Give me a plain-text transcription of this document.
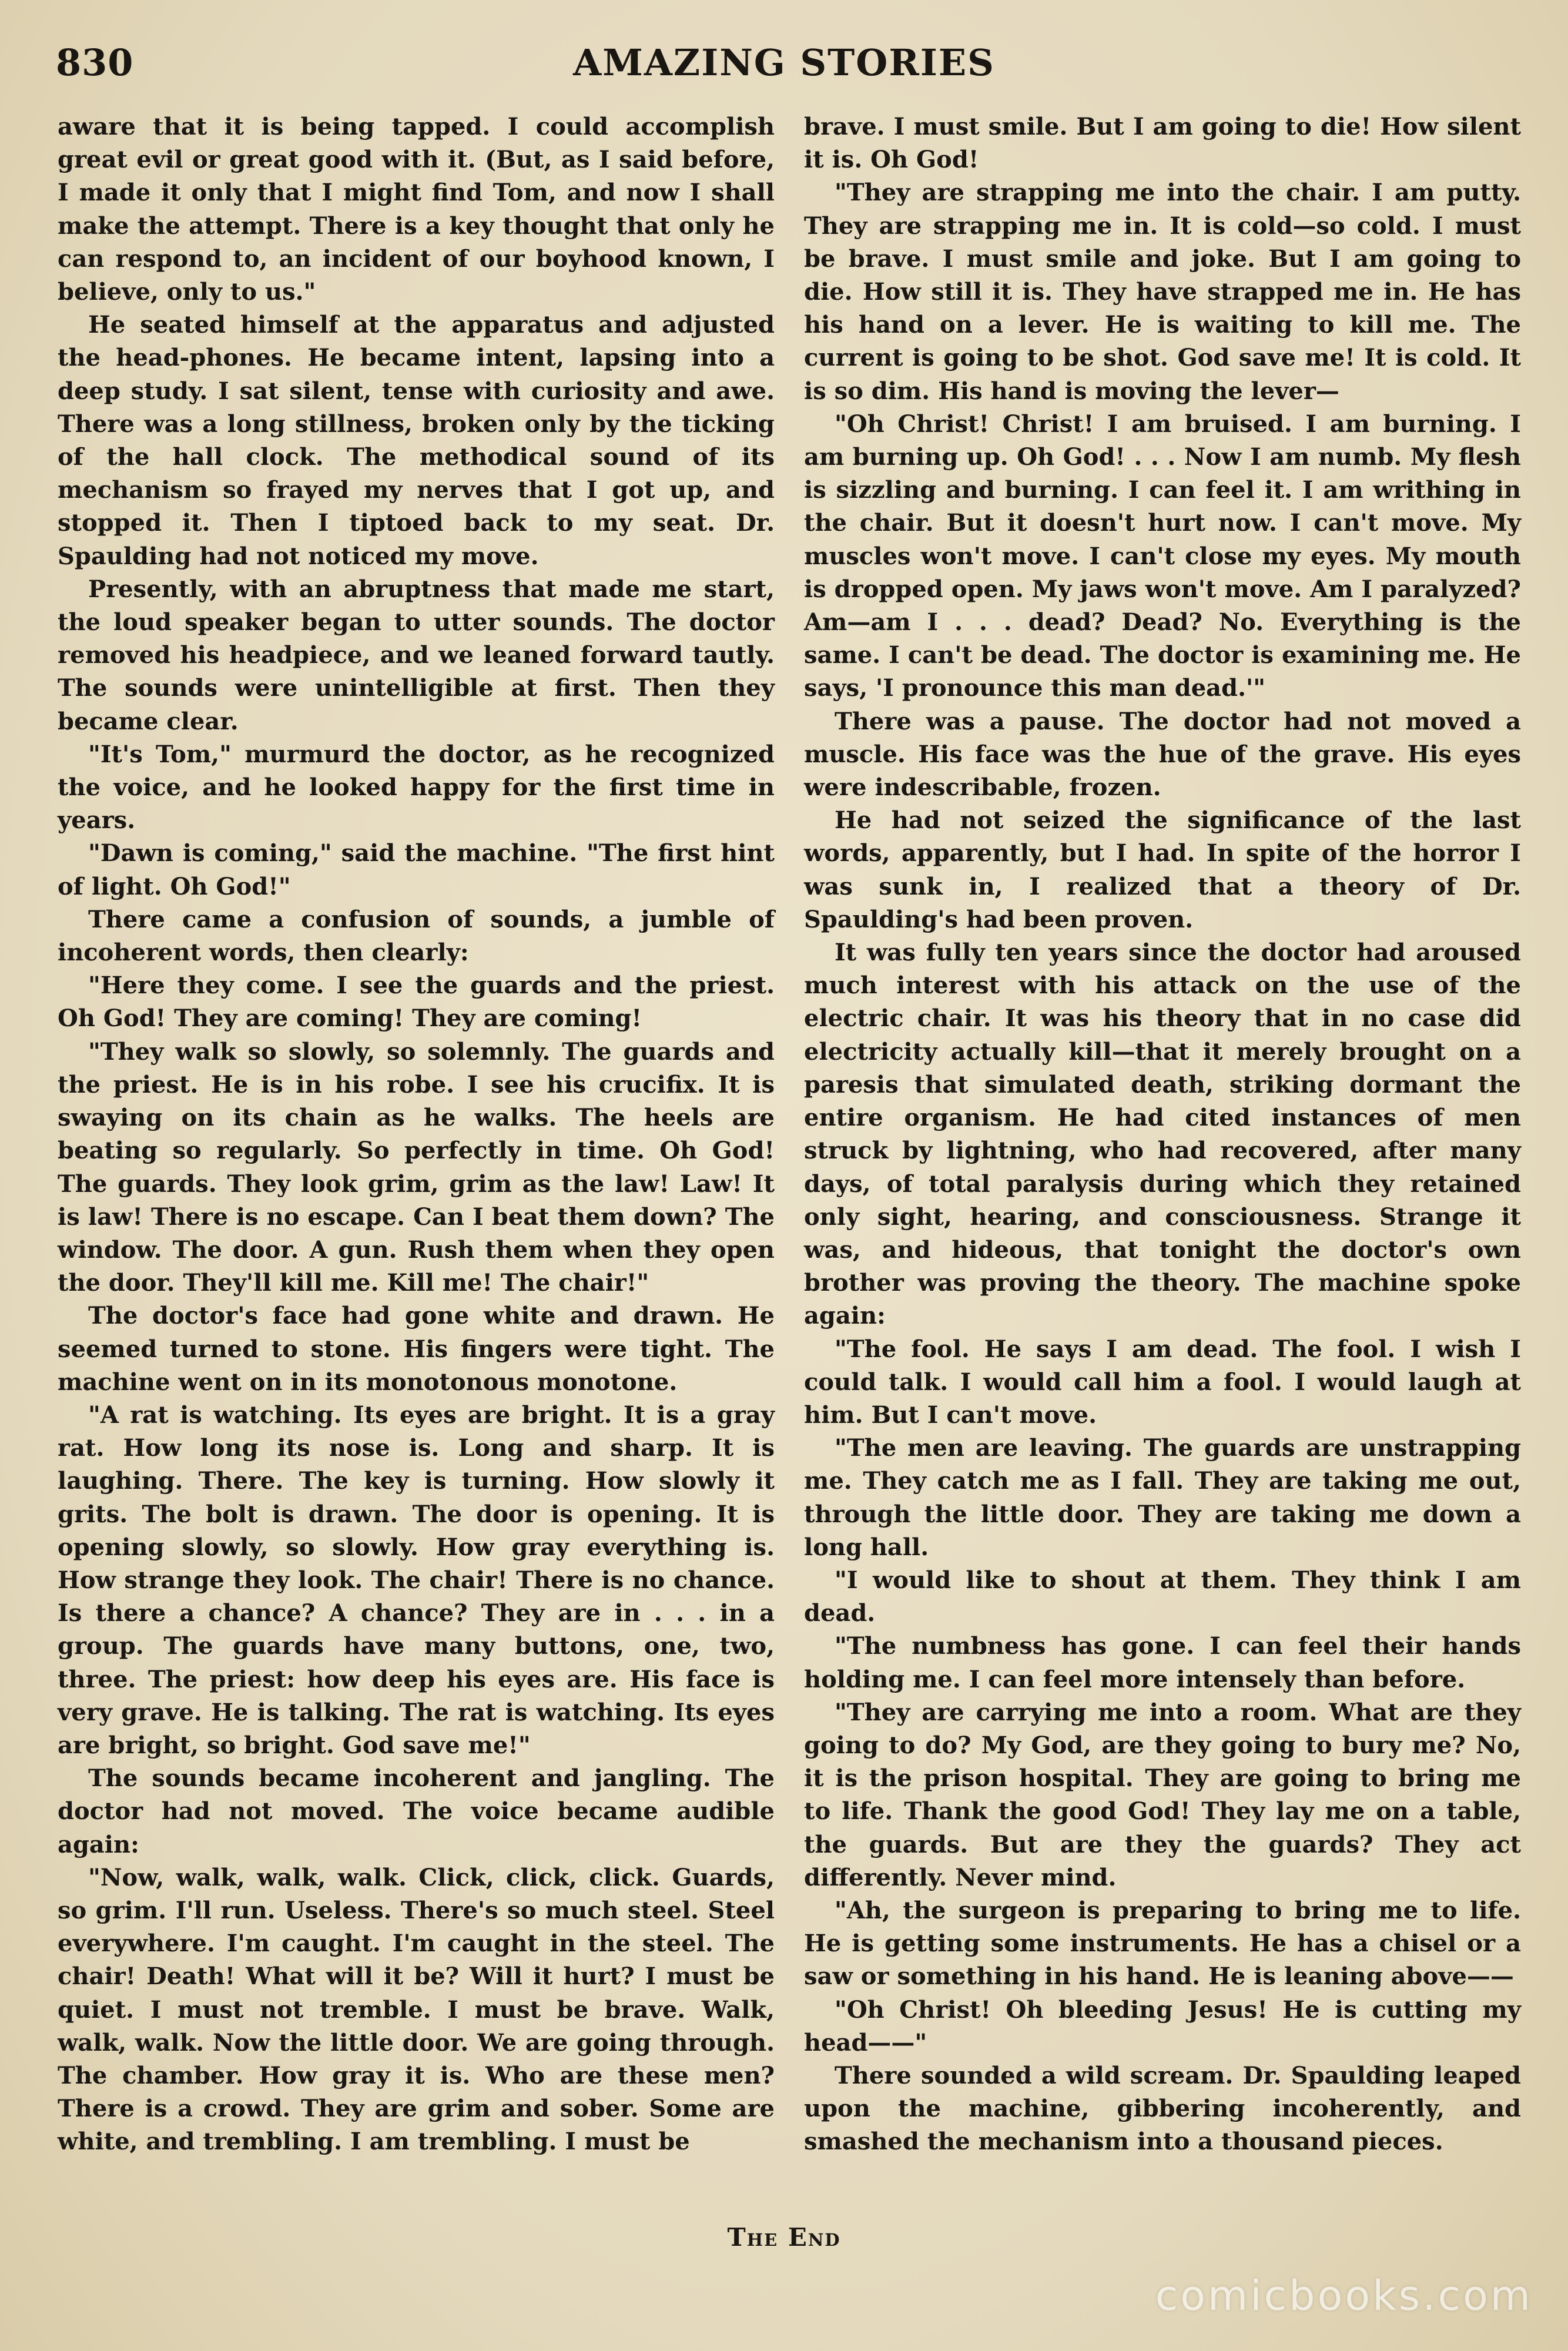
830	AMAZING STORIES

aware that it is being tapped. I could accomplish great evil or great good with it. (But, as I said before, I made it only that I might find Tom, and now I shall make the attempt. There is a key thought that only he can respond to, an incident of our boyhood known, I believe, only to us."

He seated himself at the apparatus and adjusted the head-phones. He became intent, lapsing into a deep study. I sat silent, tense with curiosity and awe. There was a long stillness, broken only by the ticking of the hall clock. The methodical sound of its mechanism so frayed my nerves that I got up, and stopped it. Then I tiptoed back to my seat. Dr. Spaulding had not noticed my move.

Presently, with an abruptness that made me start, the loud speaker began to utter sounds. The doctor removed his headpiece, and we leaned forward tautly. The sounds were unintelligible at first. Then they became clear.

"It's Tom," murmurd the doctor, as he recognized the voice, and he looked happy for the first time in years.

"Dawn is coming," said the machine. "The first hint of light. Oh God!"

There came a confusion of sounds, a jumble of incoherent words, then clearly:

"Here they come. I see the guards and the priest. Oh God! They are coming! They are coming!

"They walk so slowly, so solemnly. The guards and the priest. He is in his robe. I see his crucifix. It is swaying on its chain as he walks. The heels are beating so regularly. So perfectly in time. Oh God! The guards. They look grim, grim as the law! Law! It is law! There is no escape. Can I beat them down? The window. The door. A gun. Rush them when they open the door. They'll kill me. Kill me! The chair!"

The doctor's face had gone white and drawn. He seemed turned to stone. His fingers were tight. The machine went on in its monotonous monotone.

"A rat is watching. Its eyes are bright. It is a gray rat. How long its nose is. Long and sharp. It is laughing. There. The key is turning. How slowly it grits. The bolt is drawn. The door is opening. It is opening slowly, so slowly. How gray everything is. How strange they look. The chair! There is no chance. Is there a chance? A chance? They are in . . . in a group. The guards have many buttons, one, two, three. The priest: how deep his eyes are. His face is very grave. He is talking. The rat is watching. Its eyes are bright, so bright. God save me!"

The sounds became incoherent and jangling. The doctor had not moved. The voice became audible again:

"Now, walk, walk, walk. Click, click, click. Guards, so grim. I'll run. Useless. There's so much steel. Steel everywhere. I'm caught. I'm caught in the steel. The chair! Death! What will it be? Will it hurt? I must be quiet. I must not tremble. I must be brave. Walk, walk, walk. Now the little door. We are going through. The chamber. How gray it is. Who are these men? There is a crowd. They are grim and sober. Some are white, and trembling. I am trembling. I must be

brave. I must smile. But I am going to die! How silent it is. Oh God!

"They are strapping me into the chair. I am putty. They are strapping me in. It is cold—so cold. I must be brave. I must smile and joke. But I am going to die. How still it is. They have strapped me in. He has his hand on a lever. He is waiting to kill me. The current is going to be shot. God save me! It is cold. It is so dim. His hand is moving the lever—

"Oh Christ! Christ! I am bruised. I am burning. I am burning up. Oh God! . . . Now I am numb. My flesh is sizzling and burning. I can feel it. I am writhing in the chair. But it doesn't hurt now. I can't move. My muscles won't move. I can't close my eyes. My mouth is dropped open. My jaws won't move. Am I paralyzed? Am—am I . . . dead? Dead? No. Everything is the same. I can't be dead. The doctor is examining me. He says, 'I pronounce this man dead.'"

There was a pause. The doctor had not moved a muscle. His face was the hue of the grave. His eyes were indescribable, frozen.

He had not seized the significance of the last words, apparently, but I had. In spite of the horror I was sunk in, I realized that a theory of Dr. Spaulding's had been proven.

It was fully ten years since the doctor had aroused much interest with his attack on the use of the electric chair. It was his theory that in no case did electricity actually kill—that it merely brought on a paresis that simulated death, striking dormant the entire organism. He had cited instances of men struck by lightning, who had recovered, after many days, of total paralysis during which they retained only sight, hearing, and consciousness. Strange it was, and hideous, that tonight the doctor's own brother was proving the theory. The machine spoke again:

"The fool. He says I am dead. The fool. I wish I could talk. I would call him a fool. I would laugh at him. But I can't move.

"The men are leaving. The guards are unstrapping me. They catch me as I fall. They are taking me out, through the little door. They are taking me down a long hall.

"I would like to shout at them. They think I am dead.

"The numbness has gone. I can feel their hands holding me. I can feel more intensely than before.

"They are carrying me into a room. What are they going to do? My God, are they going to bury me? No, it is the prison hospital. They are going to bring me to life. Thank the good God! They lay me on a table, the guards. But are they the guards? They act differently. Never mind.

"Ah, the surgeon is preparing to bring me to life. He is getting some instruments. He has a chisel or a saw or something in his hand. He is leaning above——

"Oh Christ! Oh bleeding Jesus! He is cutting my head——"

There sounded a wild scream. Dr. Spaulding leaped upon the machine, gibbering incoherently, and smashed the mechanism into a thousand pieces.

The End
comicbooks.com
